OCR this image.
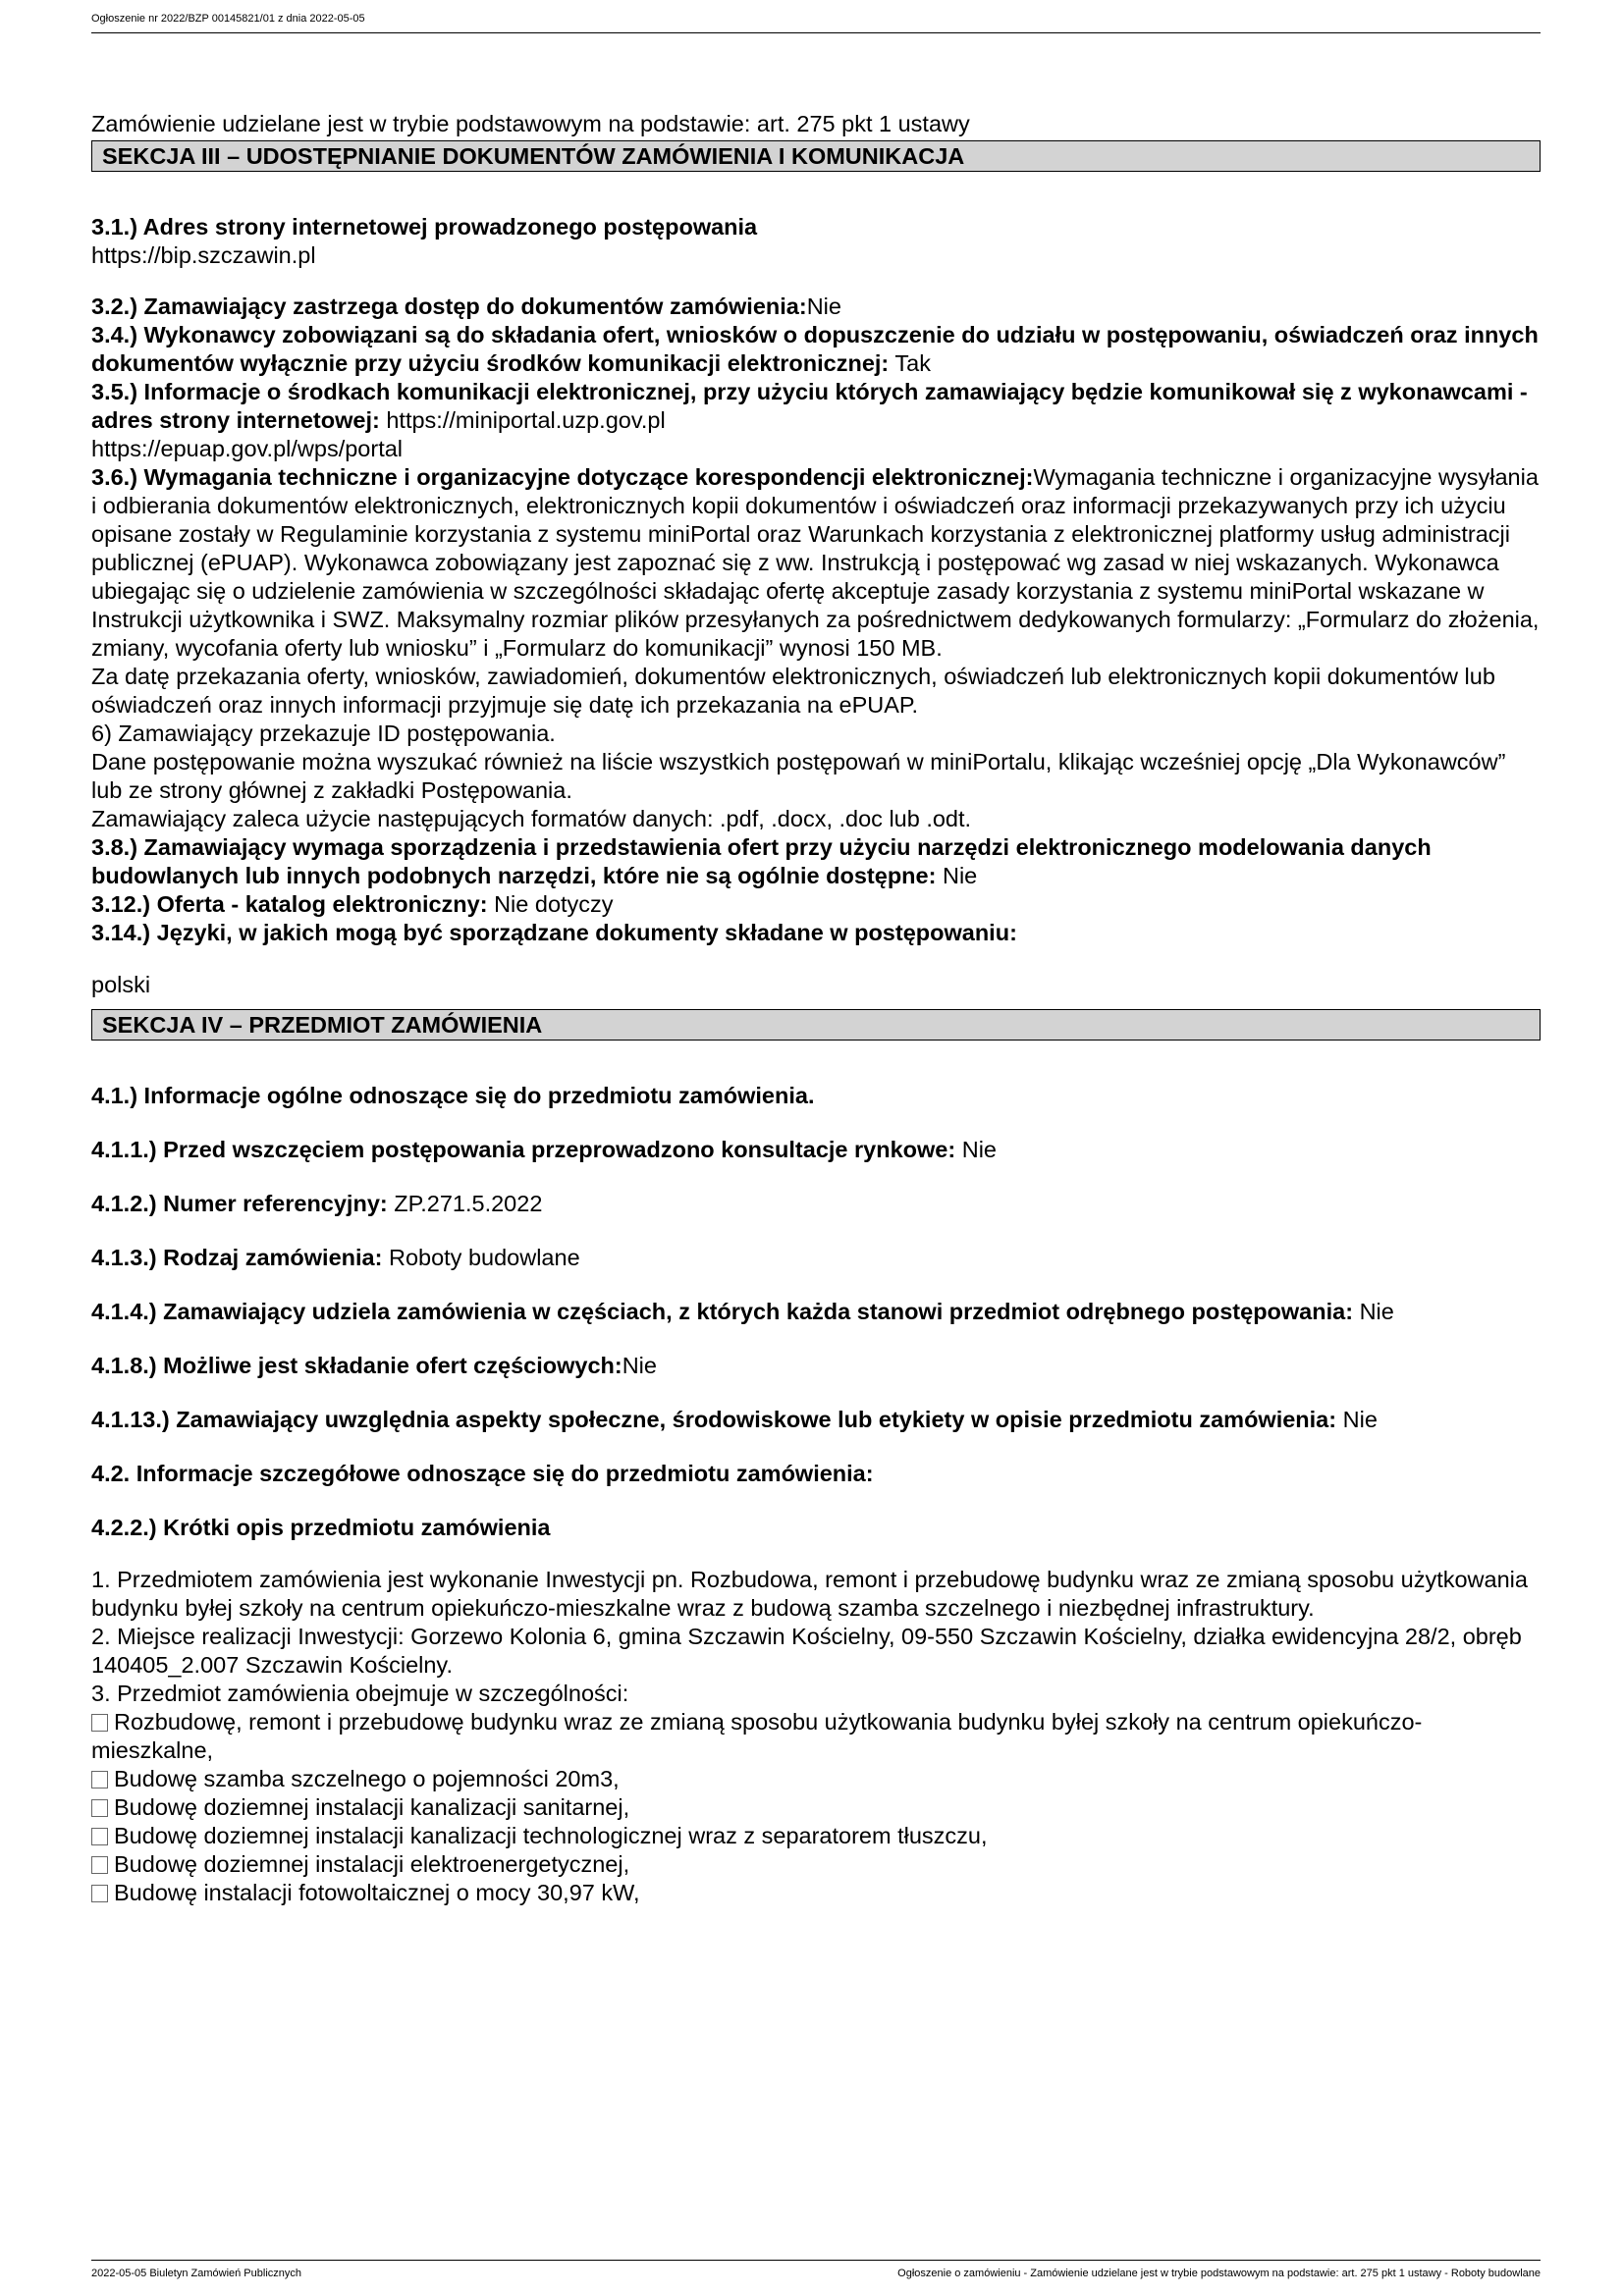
Ogłoszenie nr 2022/BZP 00145821/01 z dnia 2022-05-05

Zamówienie udzielane jest w trybie podstawowym na podstawie: art. 275 pkt 1 ustawy

SEKCJA III – UDOSTĘPNIANIE DOKUMENTÓW ZAMÓWIENIA I KOMUNIKACJA

3.1.) Adres strony internetowej prowadzonego postępowania

https://bip.szczawin.pl

3.2.) Zamawiający zastrzega dostęp do dokumentów zamówienia:Nie

3.4.) Wykonawcy zobowiązani są do składania ofert, wniosków o dopuszczenie do udziału w postępowaniu, oświadczeń oraz innych dokumentów wyłącznie przy użyciu środków komunikacji elektronicznej: Tak

3.5.) Informacje o środkach komunikacji elektronicznej, przy użyciu których zamawiający będzie komunikował się z wykonawcami - adres strony internetowej: https://miniportal.uzp.gov.pl
https://epuap.gov.pl/wps/portal

3.6.) Wymagania techniczne i organizacyjne dotyczące korespondencji elektronicznej:Wymagania techniczne i organizacyjne wysyłania i odbierania dokumentów elektronicznych, elektronicznych kopii dokumentów i oświadczeń oraz informacji przekazywanych przy ich użyciu opisane zostały w Regulaminie korzystania z systemu miniPortal oraz Warunkach korzystania z elektronicznej platformy usług administracji publicznej (ePUAP). Wykonawca zobowiązany jest zapoznać się z ww. Instrukcją i postępować wg zasad w niej wskazanych. Wykonawca ubiegając się o udzielenie zamówienia w szczególności składając ofertę akceptuje zasady korzystania z systemu miniPortal wskazane w Instrukcji użytkownika i SWZ. Maksymalny rozmiar plików przesyłanych za pośrednictwem dedykowanych formularzy: „Formularz do złożenia, zmiany, wycofania oferty lub wniosku” i „Formularz do komunikacji” wynosi 150 MB.
Za datę przekazania oferty, wniosków, zawiadomień, dokumentów elektronicznych, oświadczeń lub elektronicznych kopii dokumentów lub oświadczeń oraz innych informacji przyjmuje się datę ich przekazania na ePUAP.
6) Zamawiający przekazuje ID postępowania.
Dane postępowanie można wyszukać również na liście wszystkich postępowań w miniPortalu, klikając wcześniej opcję „Dla Wykonawców” lub ze strony głównej z zakładki Postępowania.
Zamawiający zaleca użycie następujących formatów danych: .pdf, .docx, .doc lub .odt.

3.8.) Zamawiający wymaga sporządzenia i przedstawienia ofert przy użyciu narzędzi elektronicznego modelowania danych budowlanych lub innych podobnych narzędzi, które nie są ogólnie dostępne: Nie

3.12.) Oferta - katalog elektroniczny: Nie dotyczy

3.14.) Języki, w jakich mogą być sporządzane dokumenty składane w postępowaniu:

polski

SEKCJA IV – PRZEDMIOT ZAMÓWIENIA

4.1.) Informacje ogólne odnoszące się do przedmiotu zamówienia.

4.1.1.) Przed wszczęciem postępowania przeprowadzono konsultacje rynkowe: Nie

4.1.2.) Numer referencyjny: ZP.271.5.2022

4.1.3.) Rodzaj zamówienia: Roboty budowlane

4.1.4.) Zamawiający udziela zamówienia w częściach, z których każda stanowi przedmiot odrębnego postępowania: Nie

4.1.8.) Możliwe jest składanie ofert częściowych:Nie

4.1.13.) Zamawiający uwzględnia aspekty społeczne, środowiskowe lub etykiety w opisie przedmiotu zamówienia: Nie

4.2. Informacje szczegółowe odnoszące się do przedmiotu zamówienia:

4.2.2.) Krótki opis przedmiotu zamówienia

1. Przedmiotem zamówienia jest wykonanie Inwestycji pn. Rozbudowa, remont i przebudowę budynku wraz ze zmianą sposobu użytkowania budynku byłej szkoły na centrum opiekuńczo-mieszkalne wraz z budową szamba szczelnego i niezbędnej infrastruktury.

2. Miejsce realizacji Inwestycji: Gorzewo Kolonia 6, gmina Szczawin Kościelny, 09-550 Szczawin Kościelny, działka ewidencyjna 28/2, obręb 140405_2.007 Szczawin Kościelny.

3. Przedmiot zamówienia obejmuje w szczególności:

Rozbudowę, remont i przebudowę budynku wraz ze zmianą sposobu użytkowania budynku byłej szkoły na centrum opiekuńczo-mieszkalne,

Budowę szamba szczelnego o pojemności 20m3,

Budowę doziemnej instalacji kanalizacji sanitarnej,

Budowę doziemnej instalacji kanalizacji technologicznej wraz z separatorem tłuszczu,

Budowę doziemnej instalacji elektroenergetycznej,

Budowę instalacji fotowoltaicznej o mocy 30,97 kW,

2022-05-05 Biuletyn Zamówień Publicznych	Ogłoszenie o zamówieniu - Zamówienie udzielane jest w trybie podstawowym na podstawie: art. 275 pkt 1 ustawy - Roboty budowlane
